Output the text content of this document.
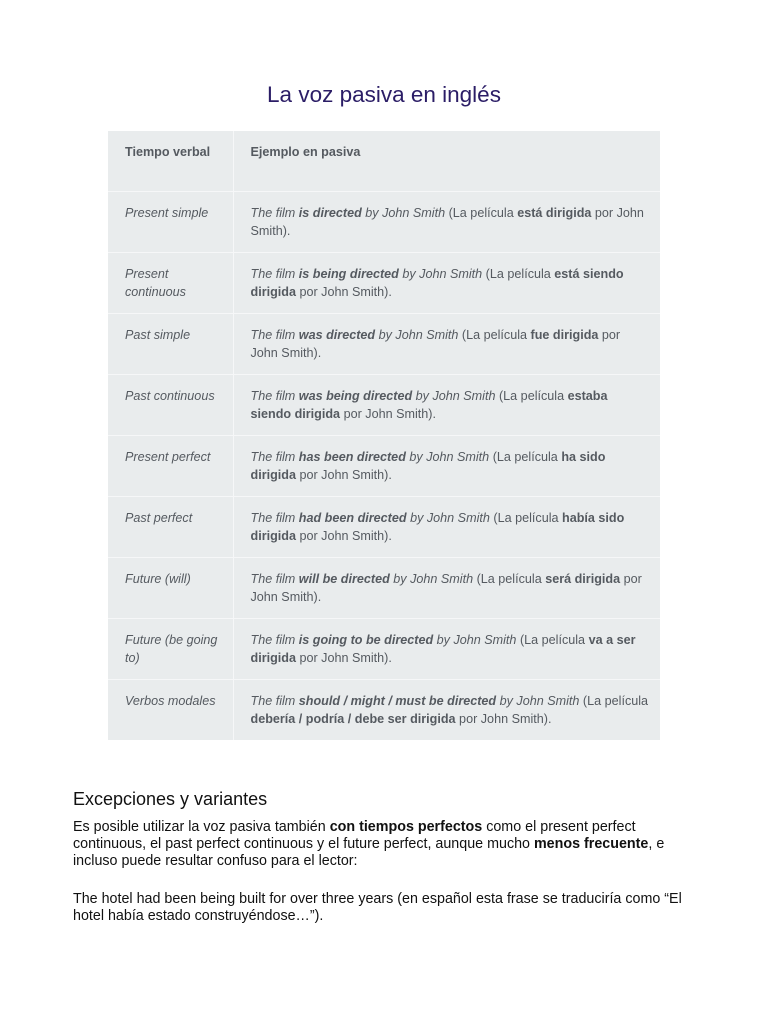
La voz pasiva en inglés
Tiempo verbal	Ejemplo en pasiva
Present simple	The film is directed by John Smith (La película está dirigida por John Smith).
Present continuous	The film is being directed by John Smith (La película está siendo dirigida por John Smith).
Past simple	The film was directed by John Smith (La película fue dirigida por John Smith).
Past continuous	The film was being directed by John Smith (La película estaba siendo dirigida por John Smith).
Present perfect	The film has been directed by John Smith (La película ha sido dirigida por John Smith).
Past perfect	The film had been directed by John Smith (La película había sido dirigida por John Smith).
Future (will)	The film will be directed by John Smith (La película será dirigida por John Smith).
Future (be going to)	The film is going to be directed by John Smith (La película va a ser dirigida por John Smith).
Verbos modales	The film should / might / must be directed by John Smith (La película debería / podría / debe ser dirigida por John Smith).
Excepciones y variantes

Es posible utilizar la voz pasiva también con tiempos perfectos como el present perfect continuous, el past perfect continuous y el future perfect, aunque mucho menos frecuente, e incluso puede resultar confuso para el lector:

The hotel had been being built for over three years (en español esta frase se traduciría como “El hotel había estado construyéndose…”).
